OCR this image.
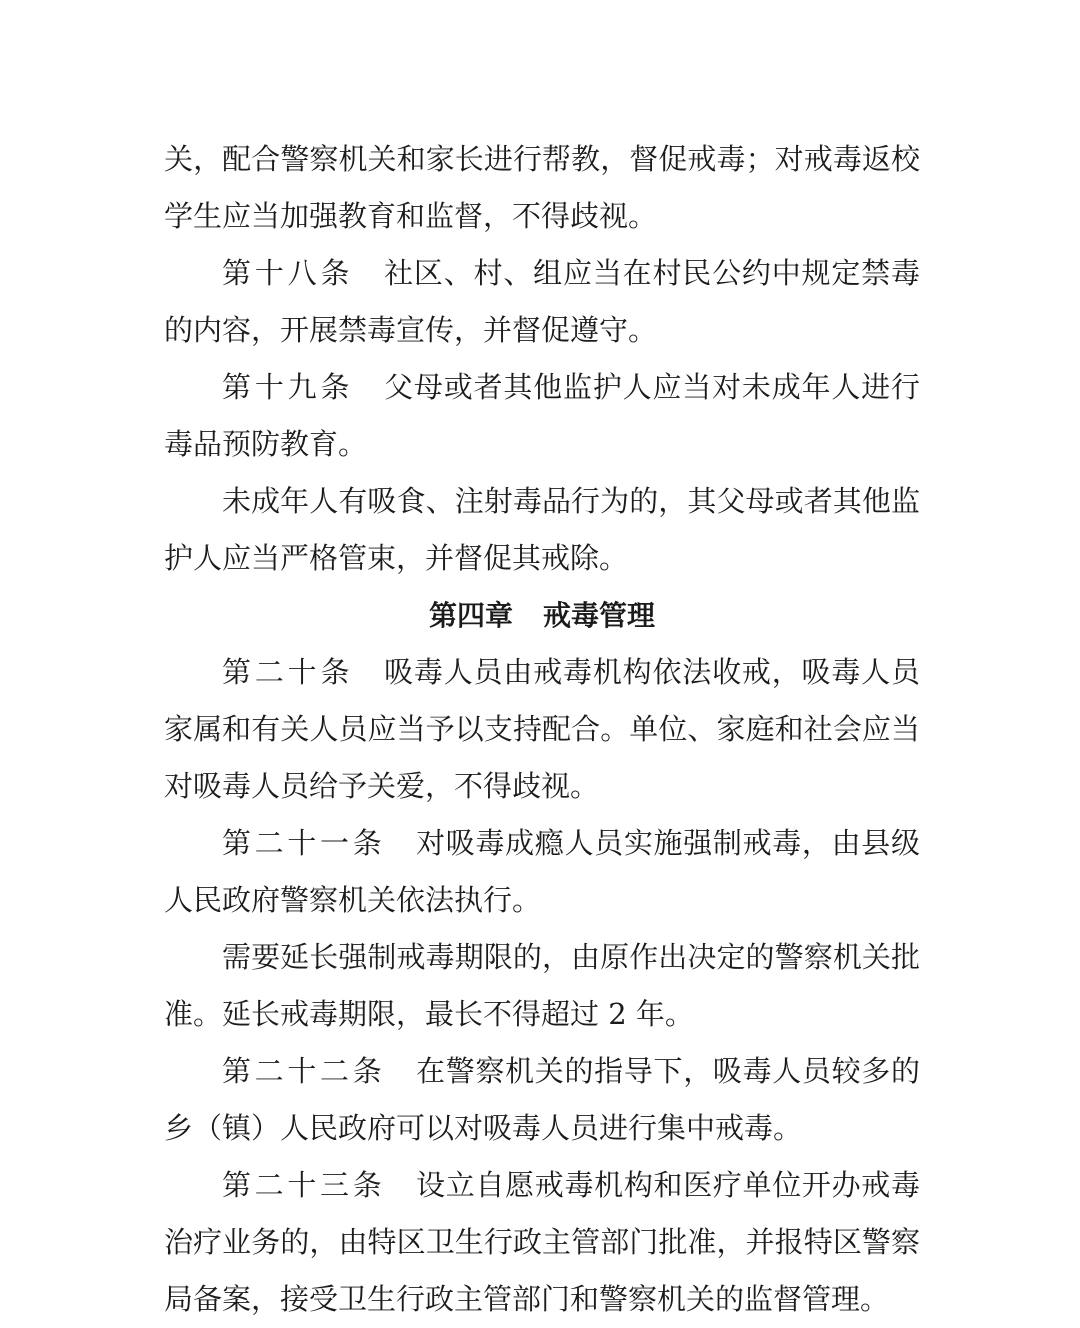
关，配合警察机关和家长进行帮教，督促戒毒；对戒毒返校学生应当加强教育和监督，不得歧视。

第十八条 社区、村、组应当在村民公约中规定禁毒的内容，开展禁毒宣传，并督促遵守。

第十九条 父母或者其他监护人应当对未成年人进行毒品预防教育。

未成年人有吸食、注射毒品行为的，其父母或者其他监护人应当严格管束，并督促其戒除。

第四章 戒毒管理

第二十条 吸毒人员由戒毒机构依法收戒，吸毒人员家属和有关人员应当予以支持配合。单位、家庭和社会应当对吸毒人员给予关爱，不得歧视。

第二十一条 对吸毒成瘾人员实施强制戒毒，由县级人民政府警察机关依法执行。

需要延长强制戒毒期限的，由原作出决定的警察机关批准。延长戒毒期限，最长不得超过 2 年。

第二十二条 在警察机关的指导下，吸毒人员较多的乡（镇）人民政府可以对吸毒人员进行集中戒毒。

第二十三条 设立自愿戒毒机构和医疗单位开办戒毒治疗业务的，由特区卫生行政主管部门批准，并报特区警察局备案，接受卫生行政主管部门和警察机关的监督管理。
